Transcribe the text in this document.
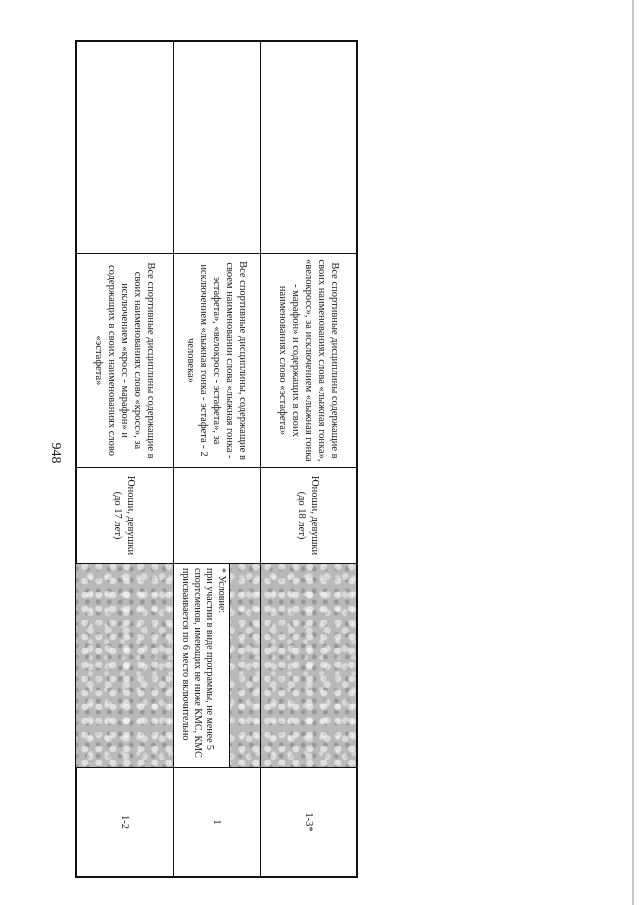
948	Все спортивные дисциплины содержащие в своих наименованиях слова «лыжная гонка», «велокросс», за исключением «лыжная гонка - марафон» и содержащих в своих наименованиях слово «эстафета»
Юноши, девушки (до 18 лет)
1-3*
Все спортивные дисциплины, содержащие в своем наименовании слова «лыжная гонка - эстафета», «велокросс - эстафета», за исключением «лыжная гонка - эстафета - 2 человека»
* Условие:
при участии в виде программы, не менее 5 спортсменов, имеющих не ниже КМС, КМС присваивается по 6 место включительно
1
Все спортивные дисциплины содержащие в своих наименованиях слово «кросс», за исключением «кросс - марафон» и содержащих в своих наименованиях слово «эстафета»
Юноши, девушки (до 17 лет)
1-2
